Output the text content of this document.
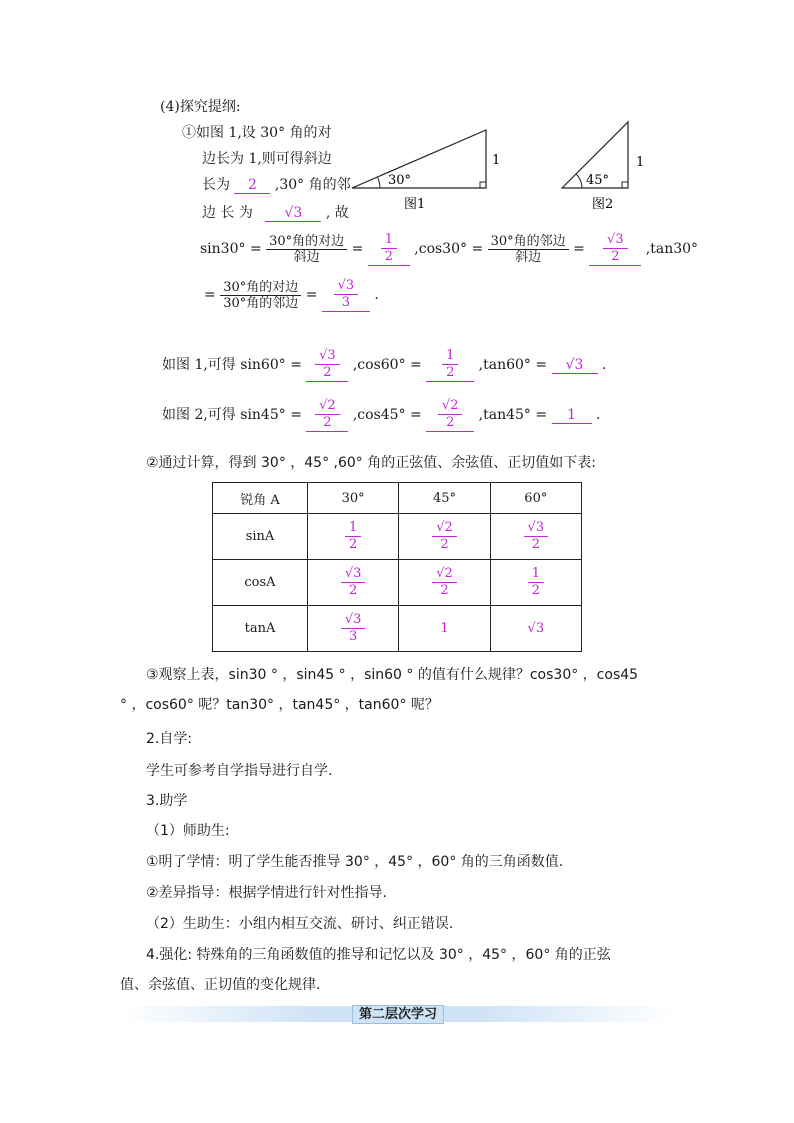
(4)探究提纲:
①如图 1,设 30° 角的对
边长为 1,则可得斜边
长为 2 ,30° 角的邻
边 长 为 √3 , 故
30°
1
图1
45°
1
图2
$\sin 30^\circ = \frac{\text{30°角的对边}}{\text{斜边}} = \frac{1}{2} ,\cos 30^\circ = \frac{\text{30°角的邻边}}{\text{斜边}} = \frac{√3}{2} ,\tan 30^\circ$
= $\frac{\text{30°角的对边}}{\text{30°角的邻边}} = \frac{√3}{3}$ .
如图 1,可得 $\sin 60^\circ = \frac{√3}{2} ,\cos 60^\circ = \frac{1}{2} ,\tan 60^\circ = √3$ .
如图 2,可得 $\sin 45^\circ = \frac{√2}{2} ,\cos 45^\circ = \frac{√2}{2} ,\tan 45^\circ = 1$ .
②通过计算，得到 30° ，45° ,60° 角的正弦值、余弦值、正切值如下表:
锐角 A	30°	45°	60°
sinA	$\frac{1}{2}$	$\frac{√2}{2}$	$\frac{√3}{2}$

cosA	$\frac{√3}{2}$	$\frac{√2}{2}$	$\frac{1}{2}$

tanA	$\frac{√3}{3}$	1	√3
③观察上表，sin30 ° ，sin45 ° ，sin60 ° 的值有什么规律？cos30° ，cos45
° ，cos60° 呢？tan30° ，tan45° ，tan60° 呢？
2.自学:
学生可参考自学指导进行自学.
3.助学
（1）师助生:
①明了学情：明了学生能否推导 30° ，45° ，60° 角的三角函数值.
②差异指导：根据学情进行针对性指导.
（2）生助生：小组内相互交流、研讨、纠正错误.
4.强化: 特殊角的三角函数值的推导和记忆以及 30° ，45° ，60° 角的正弦
值、余弦值、正切值的变化规律.
第二层次学习
